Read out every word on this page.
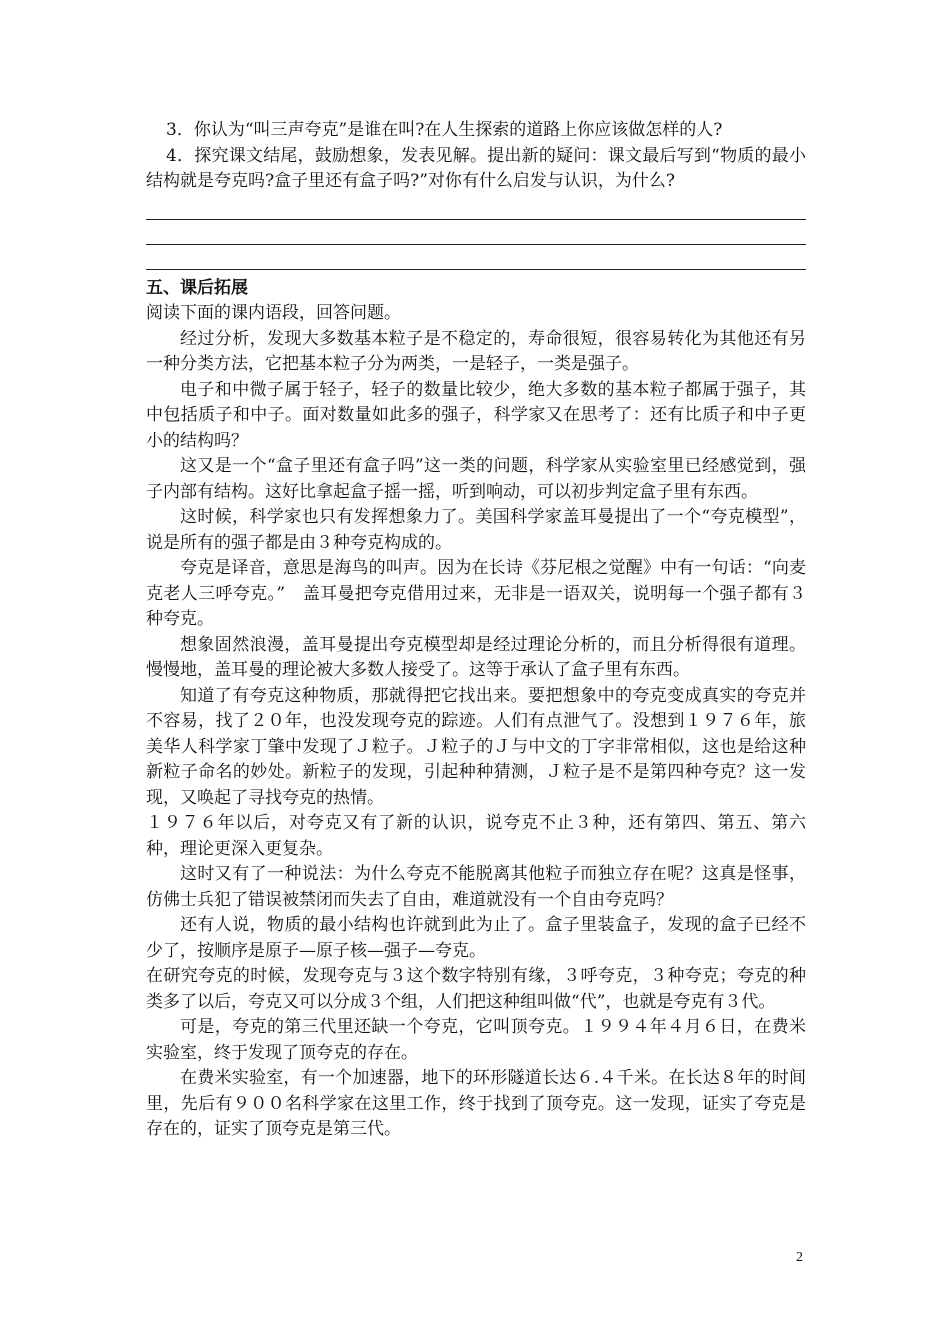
3．你认为“叫三声夸克”是谁在叫?在人生探索的道路上你应该做怎样的人?

4．探究课文结尾，鼓励想象，发表见解。提出新的疑问：课文最后写到“物质的最小结构就是夸克吗?盒子里还有盒子吗?”对你有什么启发与认识，为什么?

五、课后拓展

阅读下面的课内语段，回答问题。

经过分析，发现大多数基本粒子是不稳定的，寿命很短，很容易转化为其他还有另一种分类方法，它把基本粒子分为两类，一是轻子，一类是强子。

电子和中微子属于轻子，轻子的数量比较少，绝大多数的基本粒子都属于强子，其中包括质子和中子。面对数量如此多的强子，科学家又在思考了：还有比质子和中子更小的结构吗？

这又是一个“盒子里还有盒子吗”这一类的问题，科学家从实验室里已经感觉到，强子内部有结构。这好比拿起盒子摇一摇，听到响动，可以初步判定盒子里有东西。

这时候，科学家也只有发挥想象力了。美国科学家盖耳曼提出了一个“夸克模型”，说是所有的强子都是由３种夸克构成的。

夸克是译音，意思是海鸟的叫声。因为在长诗《芬尼根之觉醒》中有一句话：“向麦克老人三呼夸克。”　盖耳曼把夸克借用过来，无非是一语双关，说明每一个强子都有３种夸克。

想象固然浪漫，盖耳曼提出夸克模型却是经过理论分析的，而且分析得很有道理。慢慢地，盖耳曼的理论被大多数人接受了。这等于承认了盒子里有东西。

知道了有夸克这种物质，那就得把它找出来。要把想象中的夸克变成真实的夸克并不容易，找了２０年，也没发现夸克的踪迹。人们有点泄气了。没想到１９７６年，旅美华人科学家丁肇中发现了Ｊ粒子。Ｊ粒子的Ｊ与中文的丁字非常相似，这也是给这种新粒子命名的妙处。新粒子的发现，引起种种猜测，Ｊ粒子是不是第四种夸克？这一发现，又唤起了寻找夸克的热情。

１９７６年以后，对夸克又有了新的认识，说夸克不止３种，还有第四、第五、第六种，理论更深入更复杂。

这时又有了一种说法：为什么夸克不能脱离其他粒子而独立存在呢？这真是怪事，仿佛士兵犯了错误被禁闭而失去了自由，难道就没有一个自由夸克吗？

还有人说，物质的最小结构也许就到此为止了。盒子里装盒子，发现的盒子已经不少了，按顺序是原子—原子核—强子—夸克。

在研究夸克的时候，发现夸克与３这个数字特别有缘，３呼夸克，３种夸克；夸克的种类多了以后，夸克又可以分成３个组，人们把这种组叫做“代”，也就是夸克有３代。

可是，夸克的第三代里还缺一个夸克，它叫顶夸克。１９９４年４月６日，在费米实验室，终于发现了顶夸克的存在。

在费米实验室，有一个加速器，地下的环形隧道长达６.４千米。在长达８年的时间里，先后有９００名科学家在这里工作，终于找到了顶夸克。这一发现，证实了夸克是存在的，证实了顶夸克是第三代。

2
